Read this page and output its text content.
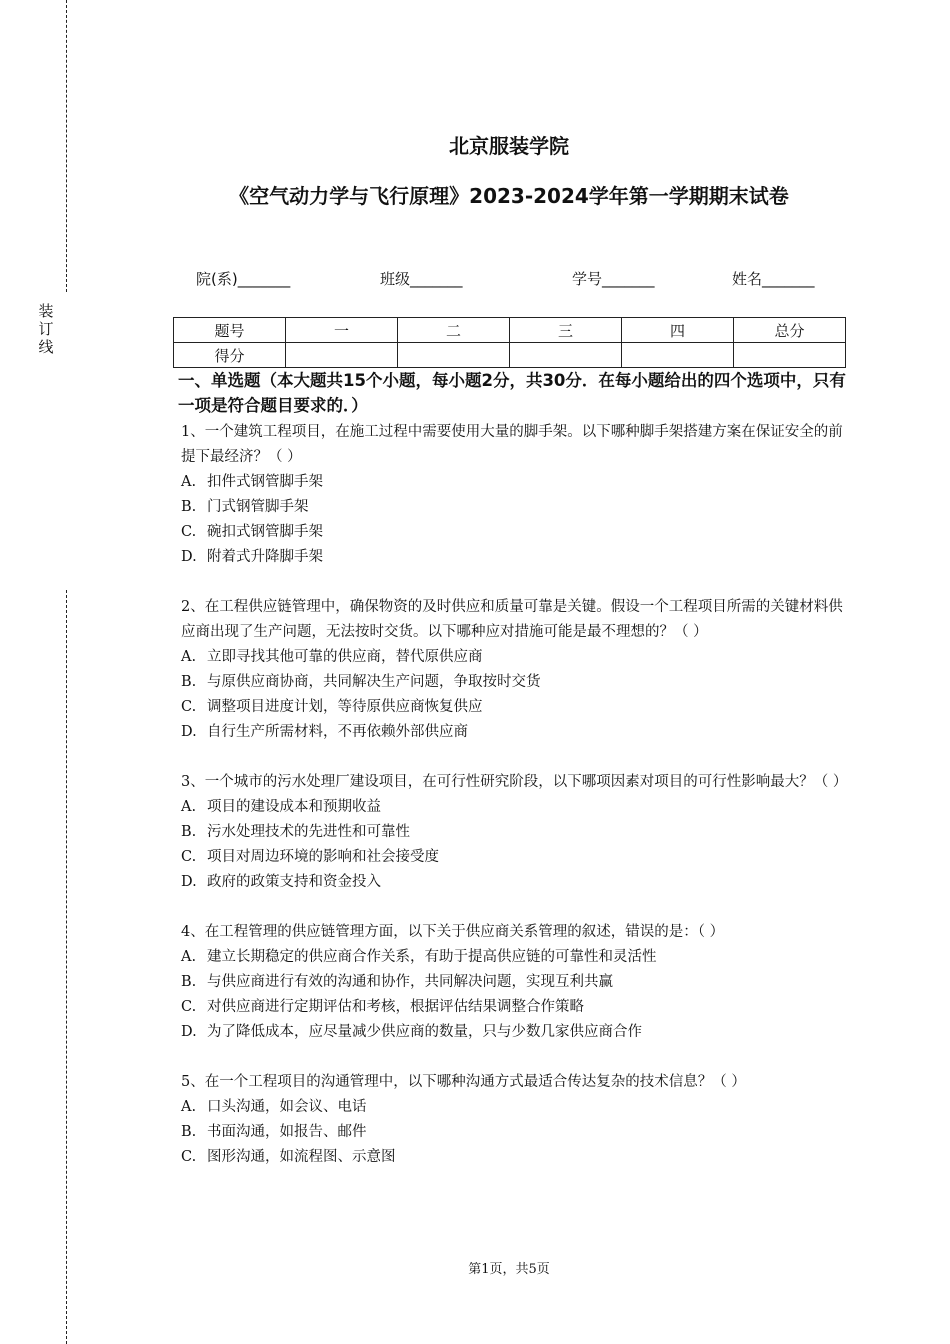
装
订
线
北京服装学院
《空气动力学与飞行原理》2023-2024学年第一学期期末试卷
院(系)_______	班级_______	学号_______	姓名_______
题号	一	二	三	四	总分
得分					
一、单选题（本大题共15个小题，每小题2分，共30分．在每小题给出的四个选项中，只有一项是符合题目要求的．）

1、一个建筑工程项目，在施工过程中需要使用大量的脚手架。以下哪种脚手架搭建方案在保证安全的前提下最经济？（ ）

A. 扣件式钢管脚手架

B. 门式钢管脚手架

C. 碗扣式钢管脚手架

D. 附着式升降脚手架

2、在工程供应链管理中，确保物资的及时供应和质量可靠是关键。假设一个工程项目所需的关键材料供应商出现了生产问题，无法按时交货。以下哪种应对措施可能是最不理想的？（ ）

A. 立即寻找其他可靠的供应商，替代原供应商

B. 与原供应商协商，共同解决生产问题，争取按时交货

C. 调整项目进度计划，等待原供应商恢复供应

D. 自行生产所需材料，不再依赖外部供应商

3、一个城市的污水处理厂建设项目，在可行性研究阶段，以下哪项因素对项目的可行性影响最大？（ ）

A. 项目的建设成本和预期收益

B. 污水处理技术的先进性和可靠性

C. 项目对周边环境的影响和社会接受度

D. 政府的政策支持和资金投入

4、在工程管理的供应链管理方面，以下关于供应商关系管理的叙述，错误的是：（ ）

A. 建立长期稳定的供应商合作关系，有助于提高供应链的可靠性和灵活性

B. 与供应商进行有效的沟通和协作，共同解决问题，实现互利共赢

C. 对供应商进行定期评估和考核，根据评估结果调整合作策略

D. 为了降低成本，应尽量减少供应商的数量，只与少数几家供应商合作

5、在一个工程项目的沟通管理中，以下哪种沟通方式最适合传达复杂的技术信息？（ ）

A. 口头沟通，如会议、电话

B. 书面沟通，如报告、邮件

C. 图形沟通，如流程图、示意图

第1页，共5页
